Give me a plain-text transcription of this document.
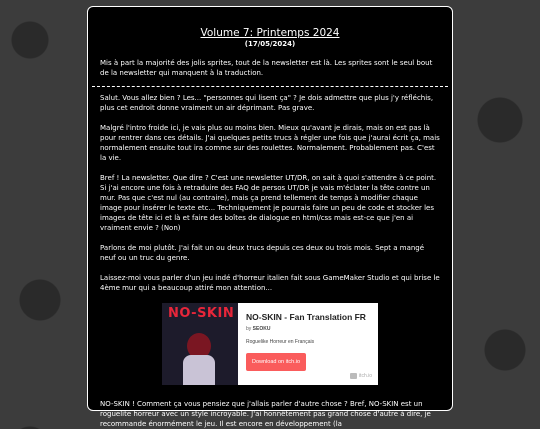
Volume 7: Printemps 2024
(17/05/2024)
Mis à part la majorité des jolis sprites, tout de la newsletter est là. Les sprites sont le seul bout de la newsletter qui manquent à la traduction.

Salut. Vous allez bien ? Les... "personnes qui lisent ça" ? Je dois admettre que plus j'y réfléchis, plus cet endroit donne vraiment un air déprimant. Pas grave.

Malgré l'intro froide ici, je vais plus ou moins bien. Mieux qu'avant je dirais, mais on est pas là pour rentrer dans ces détails. J'ai quelques petits trucs à régler une fois que j'aurai écrit ça, mais normalement ensuite tout ira comme sur des roulettes. Normalement. Probablement pas. C'est la vie.

Bref ! La newsletter. Que dire ? C'est une newsletter UT/DR, on sait à quoi s'attendre à ce point. Si j'ai encore une fois à retraduire des FAQ de persos UT/DR je vais m'éclater la tête contre un mur. Pas que c'est nul (au contraire), mais ça prend tellement de temps à modifier chaque image pour insérer le texte etc... Techniquement je pourrais faire un peu de code et stocker les images de tête ici et là et faire des boîtes de dialogue en html/css mais est-ce que j'en ai vraiment envie ? (Non)

Parlons de moi plutôt. J'ai fait un ou deux trucs depuis ces deux ou trois mois. Sept a mangé neuf ou un truc du genre.

Laissez-moi vous parler d'un jeu indé d'horreur italien fait sous GameMaker Studio et qui brise le 4ème mur qui a beaucoup attiré mon attention...

NO-SKIN NO-SKIN - Fan Translation FR
by SEOKU
Roguelike Horreur en Français
Download on itch.io
itch.io

NO-SKIN ! Comment ça vous pensiez que j'allais parler d'autre chose ? Bref, NO-SKIN est un roguelite horreur avec un style incroyable. J'ai honnêtement pas grand chose d'autre à dire, je recommande énormément le jeu. Il est encore en développement (la
